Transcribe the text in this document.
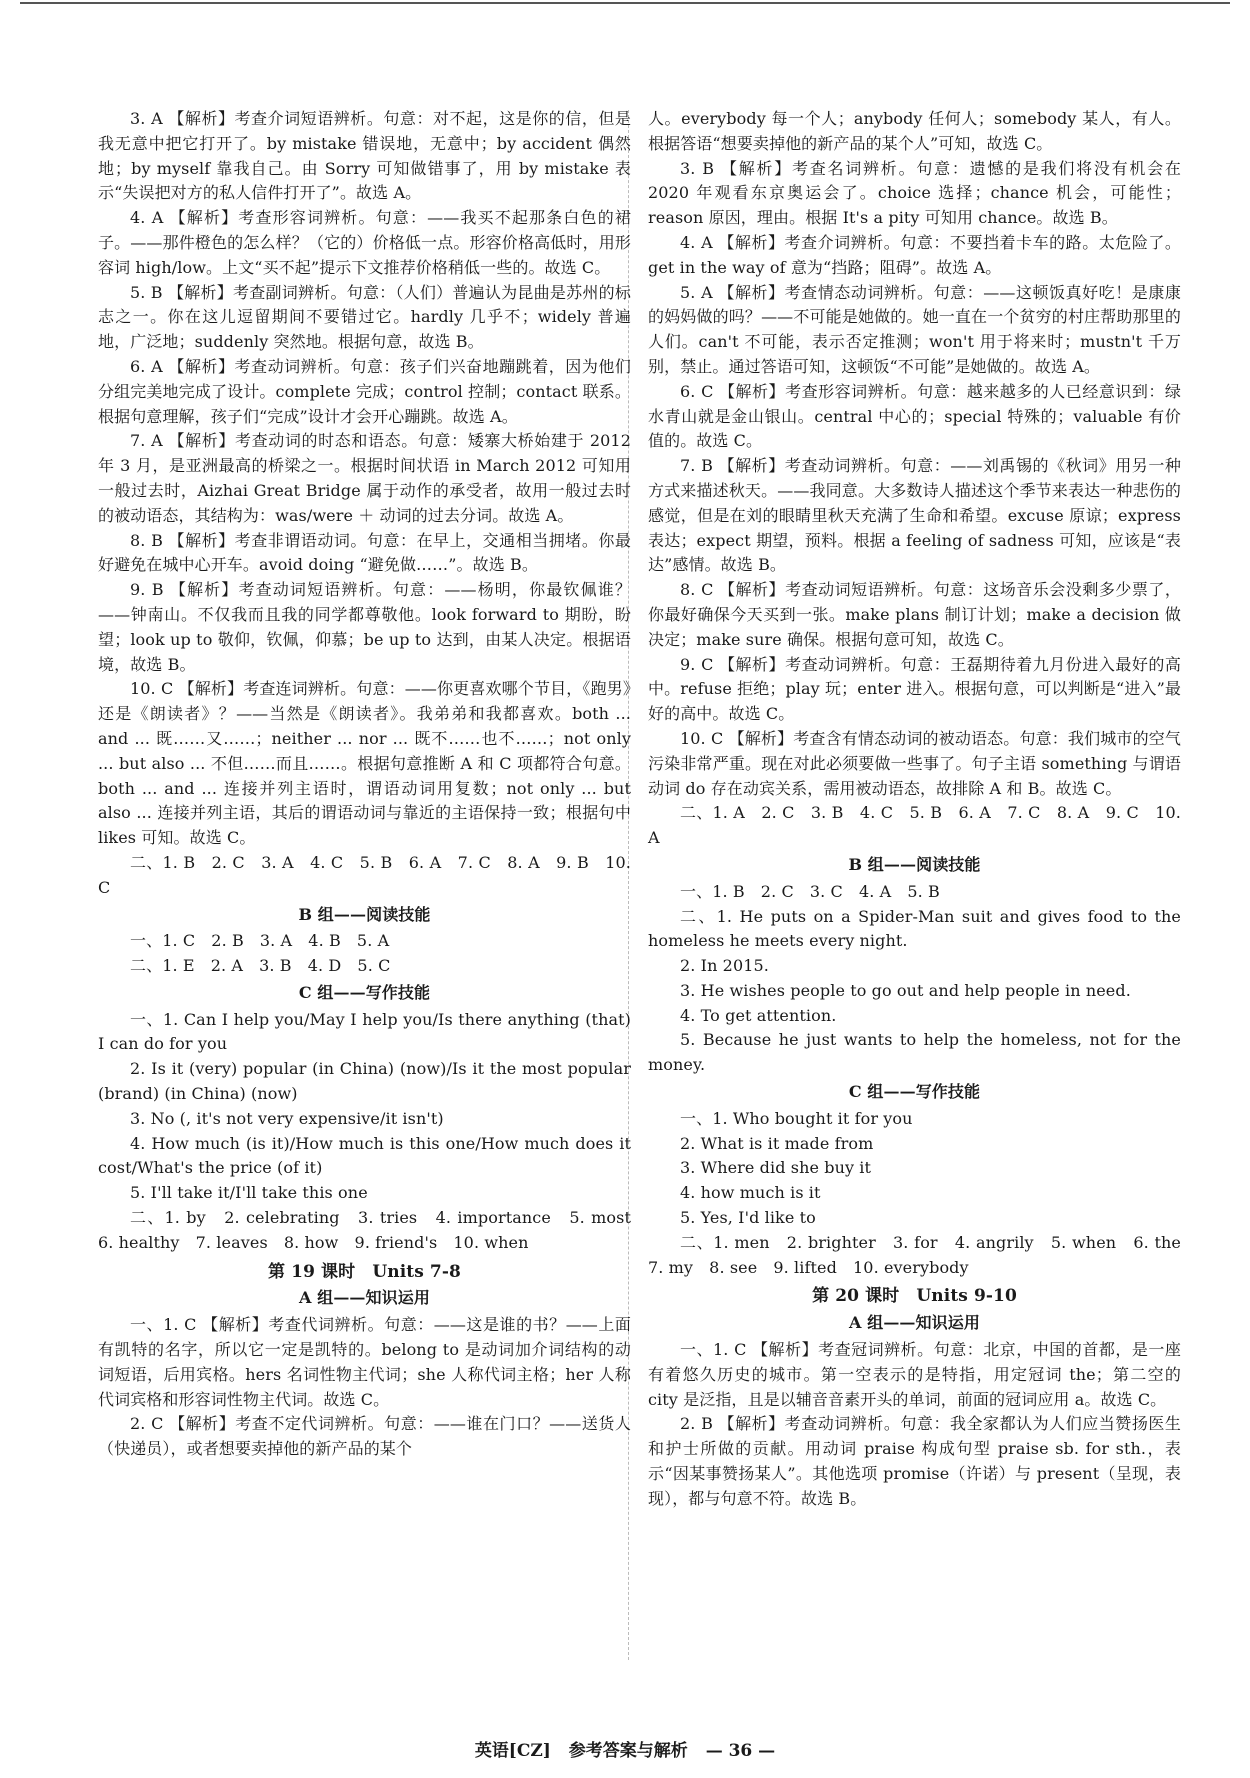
3. A 【解析】考查介词短语辨析。句意：对不起，这是你的信，但是我无意中把它打开了。by mistake 错误地，无意中；by accident 偶然地；by myself 靠我自己。由 Sorry 可知做错事了，用 by mistake 表示“失误把对方的私人信件打开了”。故选 A。

4. A 【解析】考查形容词辨析。句意：——我买不起那条白色的裙子。——那件橙色的怎么样？（它的）价格低一点。形容价格高低时，用形容词 high/low。上文“买不起”提示下文推荐价格稍低一些的。故选 C。

5. B 【解析】考查副词辨析。句意：（人们）普遍认为昆曲是苏州的标志之一。你在这儿逗留期间不要错过它。hardly 几乎不；widely 普遍地，广泛地；suddenly 突然地。根据句意，故选 B。

6. A 【解析】考查动词辨析。句意：孩子们兴奋地蹦跳着，因为他们分组完美地完成了设计。complete 完成；control 控制；contact 联系。根据句意理解，孩子们“完成”设计才会开心蹦跳。故选 A。

7. A 【解析】考查动词的时态和语态。句意：矮寨大桥始建于 2012 年 3 月，是亚洲最高的桥梁之一。根据时间状语 in March 2012 可知用一般过去时，Aizhai Great Bridge 属于动作的承受者，故用一般过去时的被动语态，其结构为：was/were ＋ 动词的过去分词。故选 A。

8. B 【解析】考查非谓语动词。句意：在早上，交通相当拥堵。你最好避免在城中心开车。avoid doing “避免做……”。故选 B。

9. B 【解析】考查动词短语辨析。句意：——杨明，你最钦佩谁？——钟南山。不仅我而且我的同学都尊敬他。look forward to 期盼，盼望；look up to 敬仰，钦佩，仰慕；be up to 达到，由某人决定。根据语境，故选 B。

10. C 【解析】考查连词辨析。句意：——你更喜欢哪个节目，《跑男》还是《朗读者》？——当然是《朗读者》。我弟弟和我都喜欢。both ... and ... 既……又……；neither ... nor ... 既不……也不……；not only ... but also ... 不但……而且……。根据句意推断 A 和 C 项都符合句意。both ... and ... 连接并列主语时，谓语动词用复数；not only ... but also ... 连接并列主语，其后的谓语动词与靠近的主语保持一致；根据句中 likes 可知。故选 C。

二、1. B　2. C　3. A　4. C　5. B　6. A　7. C　8. A　9. B　10. C

B 组——阅读技能

一、1. C　2. B　3. A　4. B　5. A

二、1. E　2. A　3. B　4. D　5. C

C 组——写作技能

一、1. Can I help you/May I help you/Is there anything (that) I can do for you

2. Is it (very) popular (in China) (now)/Is it the most popular (brand) (in China) (now)

3. No (, it's not very expensive/it isn't)

4. How much (is it)/How much is this one/How much does it cost/What's the price (of it)

5. I'll take it/I'll take this one

二、1. by　2. celebrating　3. tries　4. importance　5. most　6. healthy　7. leaves　8. how　9. friend's　10. when

第 19 课时　Units 7-8
A 组——知识运用

一、1. C 【解析】考查代词辨析。句意：——这是谁的书？——上面有凯特的名字，所以它一定是凯特的。belong to 是动词加介词结构的动词短语，后用宾格。hers 名词性物主代词；she 人称代词主格；her 人称代词宾格和形容词性物主代词。故选 C。

2. C 【解析】考查不定代词辨析。句意：——谁在门口？——送货人（快递员），或者想要卖掉他的新产品的某个

人。everybody 每一个人；anybody 任何人；somebody 某人，有人。根据答语“想要卖掉他的新产品的某个人”可知，故选 C。

3. B 【解析】考查名词辨析。句意：遗憾的是我们将没有机会在 2020 年观看东京奥运会了。choice 选择；chance 机会，可能性；reason 原因，理由。根据 It's a pity 可知用 chance。故选 B。

4. A 【解析】考查介词辨析。句意：不要挡着卡车的路。太危险了。get in the way of 意为“挡路；阻碍”。故选 A。

5. A 【解析】考查情态动词辨析。句意：——这顿饭真好吃！是康康的妈妈做的吗？——不可能是她做的。她一直在一个贫穷的村庄帮助那里的人们。can't 不可能，表示否定推测；won't 用于将来时；mustn't 千万别，禁止。通过答语可知，这顿饭“不可能”是她做的。故选 A。

6. C 【解析】考查形容词辨析。句意：越来越多的人已经意识到：绿水青山就是金山银山。central 中心的；special 特殊的；valuable 有价值的。故选 C。

7. B 【解析】考查动词辨析。句意：——刘禹锡的《秋词》用另一种方式来描述秋天。——我同意。大多数诗人描述这个季节来表达一种悲伤的感觉，但是在刘的眼睛里秋天充满了生命和希望。excuse 原谅；express 表达；expect 期望，预料。根据 a feeling of sadness 可知，应该是“表达”感情。故选 B。

8. C 【解析】考查动词短语辨析。句意：这场音乐会没剩多少票了，你最好确保今天买到一张。make plans 制订计划；make a decision 做决定；make sure 确保。根据句意可知，故选 C。

9. C 【解析】考查动词辨析。句意：王磊期待着九月份进入最好的高中。refuse 拒绝；play 玩；enter 进入。根据句意，可以判断是“进入”最好的高中。故选 C。

10. C 【解析】考查含有情态动词的被动语态。句意：我们城市的空气污染非常严重。现在对此必须要做一些事了。句子主语 something 与谓语动词 do 存在动宾关系，需用被动语态，故排除 A 和 B。故选 C。

二、1. A　2. C　3. B　4. C　5. B　6. A　7. C　8. A　9. C　10. A

B 组——阅读技能

一、1. B　2. C　3. C　4. A　5. B

二、1. He puts on a Spider-Man suit and gives food to the homeless he meets every night.

2. In 2015.

3. He wishes people to go out and help people in need.

4. To get attention.

5. Because he just wants to help the homeless, not for the money.

C 组——写作技能

一、1. Who bought it for you

2. What is it made from

3. Where did she buy it

4. how much is it

5. Yes, I'd like to

二、1. men　2. brighter　3. for　4. angrily　5. when　6. the　7. my　8. see　9. lifted　10. everybody

第 20 课时　Units 9-10
A 组——知识运用

一、1. C 【解析】考查冠词辨析。句意：北京，中国的首都，是一座有着悠久历史的城市。第一空表示的是特指，用定冠词 the；第二空的 city 是泛指，且是以辅音音素开头的单词，前面的冠词应用 a。故选 C。

2. B 【解析】考查动词辨析。句意：我全家都认为人们应当赞扬医生和护士所做的贡献。用动词 praise 构成句型 praise sb. for sth.，表示“因某事赞扬某人”。其他选项 promise（许诺）与 present（呈现，表现），都与句意不符。故选 B。

英语[CZ] 参考答案与解析 — 36 —
